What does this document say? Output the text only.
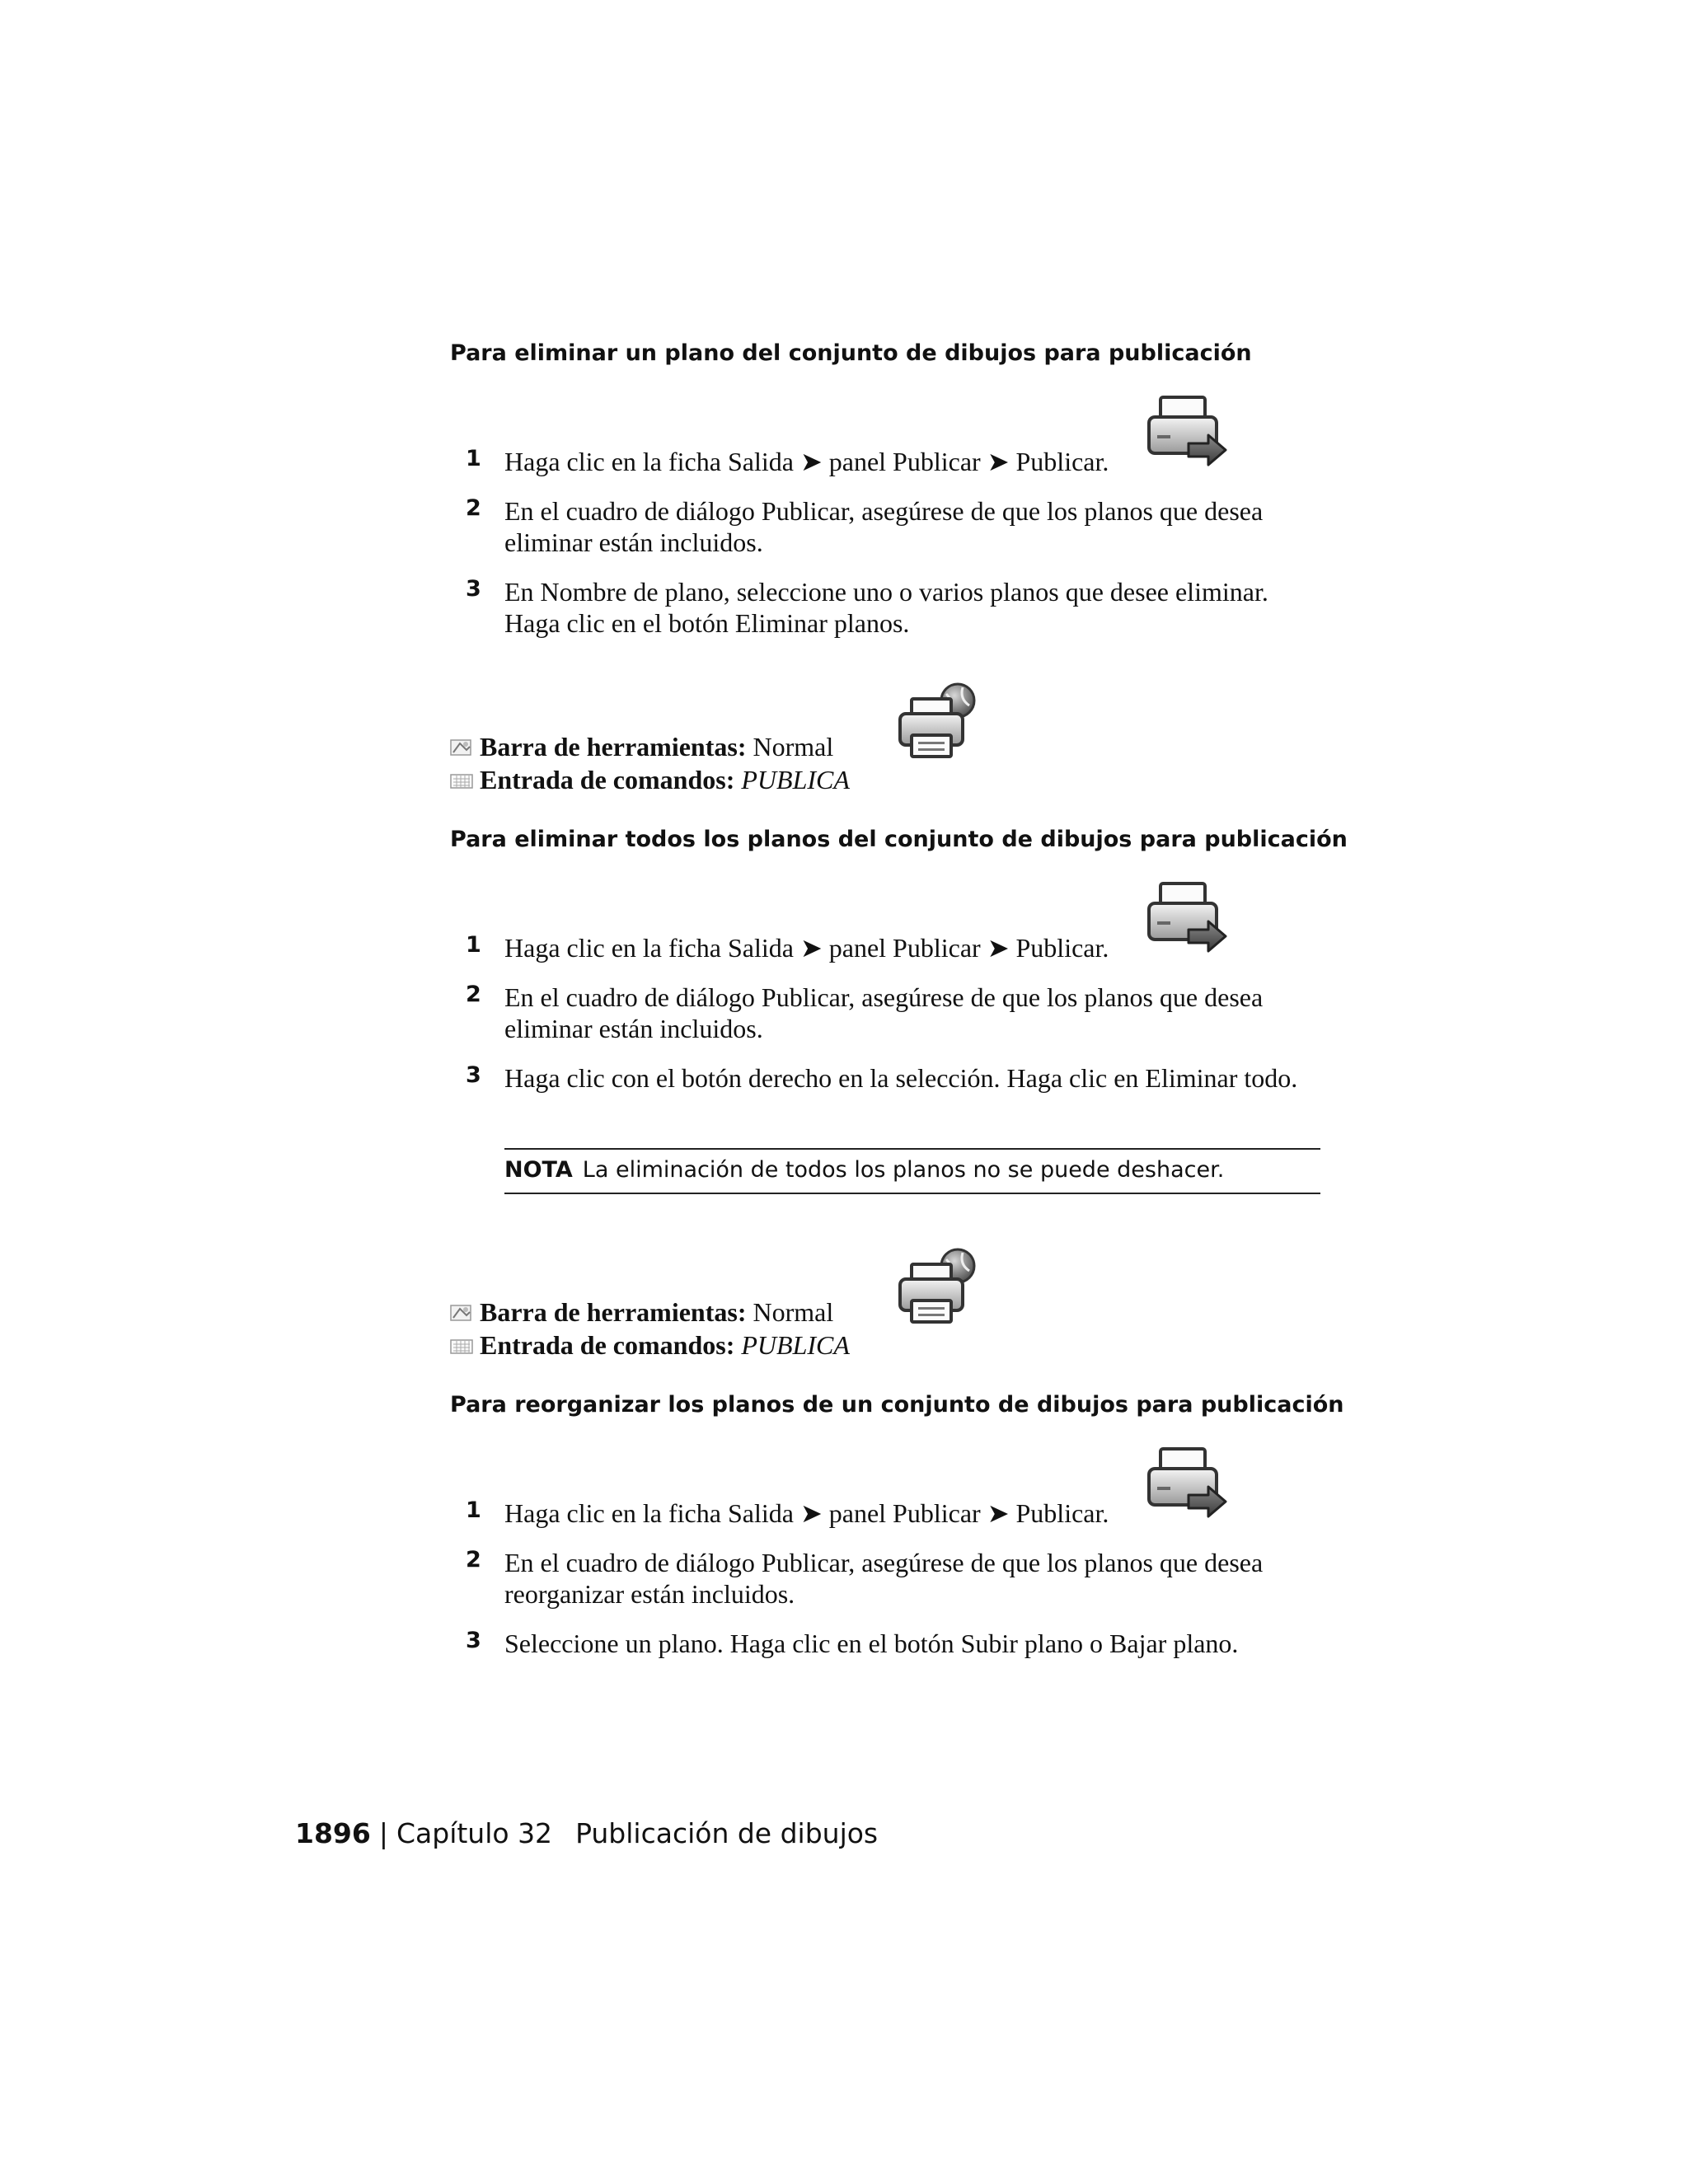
Para eliminar un plano del conjunto de dibujos para publicación
1 Haga clic en la ficha Salida ➤ panel Publicar ➤ Publicar.
2 En el cuadro de diálogo Publicar, asegúrese de que los planos que desea eliminar están incluidos.
3 En Nombre de plano, seleccione uno o varios planos que desee eliminar. Haga clic en el botón Eliminar planos.
Barra de herramientas: Normal
Entrada de comandos: PUBLICA
Para eliminar todos los planos del conjunto de dibujos para publicación
1 Haga clic en la ficha Salida ➤ panel Publicar ➤ Publicar.
2 En el cuadro de diálogo Publicar, asegúrese de que los planos que desea eliminar están incluidos.
3 Haga clic con el botón derecho en la selección. Haga clic en Eliminar todo.
NOTA La eliminación de todos los planos no se puede deshacer.
Barra de herramientas: Normal
Entrada de comandos: PUBLICA
Para reorganizar los planos de un conjunto de dibujos para publicación
1 Haga clic en la ficha Salida ➤ panel Publicar ➤ Publicar.
2 En el cuadro de diálogo Publicar, asegúrese de que los planos que desea reorganizar están incluidos.
3 Seleccione un plano. Haga clic en el botón Subir plano o Bajar plano.
1896 | Capítulo 32 Publicación de dibujos
